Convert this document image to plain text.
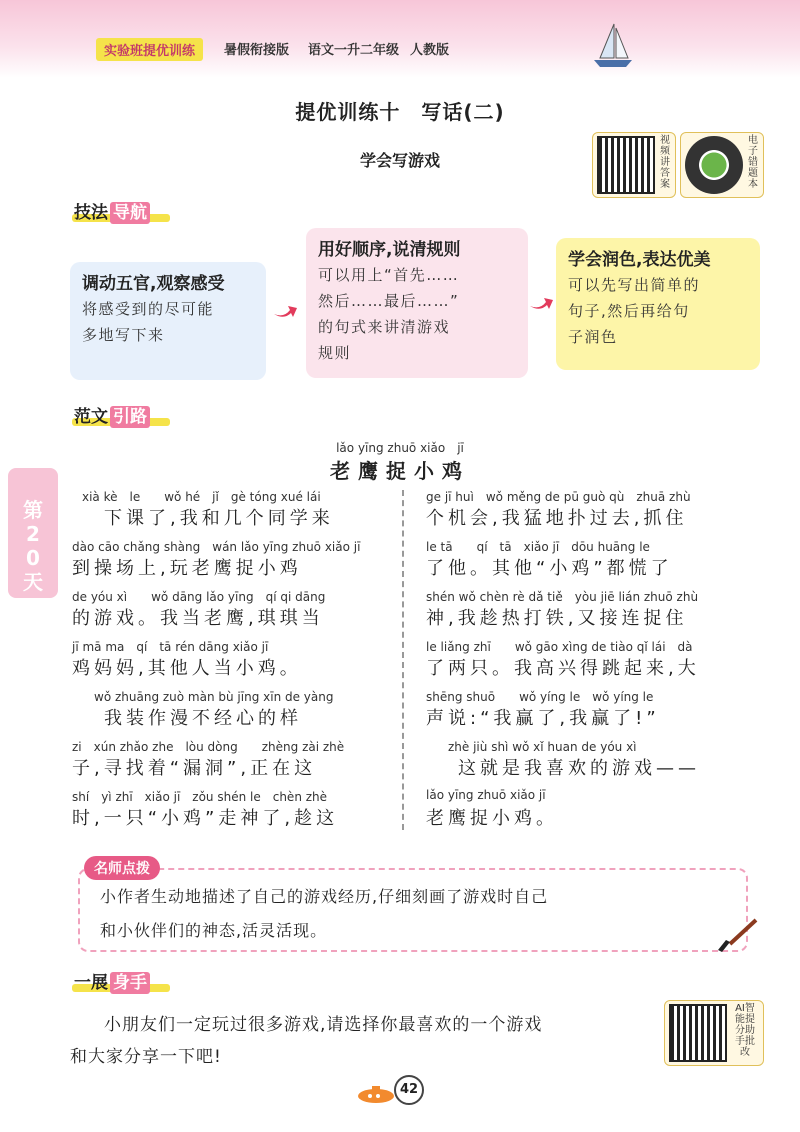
实验班提优训练	暑假衔接版 语文一升二年级 人教版
提优训练十　写话(二)
学会写游戏
视频讲答案
电子错题本
技法 导航
调动五官,观察感受
将感受到的尽可能
多地写下来
用好顺序,说清规则
可以用上“首先……
然后……最后……”
的句式来讲清游戏
规则
学会润色,表达优美
可以先写出简单的
句子,然后再给句
子润色
范文 引路
第20天
lǎo yīng zhuō xiǎo　jī
老鹰捉小鸡
xià kè　le　　wǒ hé　jǐ　gè tóng xué lái
　下课了,我和几个同学来
dào cāo chǎng shàng　wán lǎo yīng zhuō xiǎo jī
到操场上,玩老鹰捉小鸡
de yóu xì　　wǒ dāng lǎo yīng　qí qi dāng
的游戏。我当老鹰,琪琪当
jī mā ma　qí　tā rén dāng xiǎo jī
鸡妈妈,其他人当小鸡。
　wǒ zhuāng zuò màn bù jīng xīn de yàng
　我装作漫不经心的样
zi　xún zhǎo zhe　lòu dòng　　zhèng zài zhè
子,寻找着“漏洞”,正在这
shí　yì zhī　xiǎo jī　zǒu shén le　chèn zhè
时,一只“小鸡”走神了,趁这
ge jī huì　wǒ měng de pū guò qù　zhuā zhù
个机会,我猛地扑过去,抓住
le tā　　qí　tā　xiǎo jī　dōu huāng le
了他。其他“小鸡”都慌了
shén wǒ chèn rè dǎ tiě　yòu jiē lián zhuō zhù
神,我趁热打铁,又接连捉住
le liǎng zhī　　wǒ gāo xìng de tiào qǐ lái　dà
了两只。我高兴得跳起来,大
shēng shuō　　wǒ yíng le　wǒ yíng le
声说:“我赢了,我赢了!”
　zhè jiù shì wǒ xǐ huan de yóu xì
　这就是我喜欢的游戏——
lǎo yīng zhuō xiǎo jī
老鹰捉小鸡。
名师点拨
小作者生动地描述了自己的游戏经历,仔细刻画了游戏时自己
和小伙伴们的神态,活灵活现。
一展 身手
小朋友们一定玩过很多游戏,请选择你最喜欢的一个游戏
和大家分享一下吧!
AI智能提分助手批改
42
